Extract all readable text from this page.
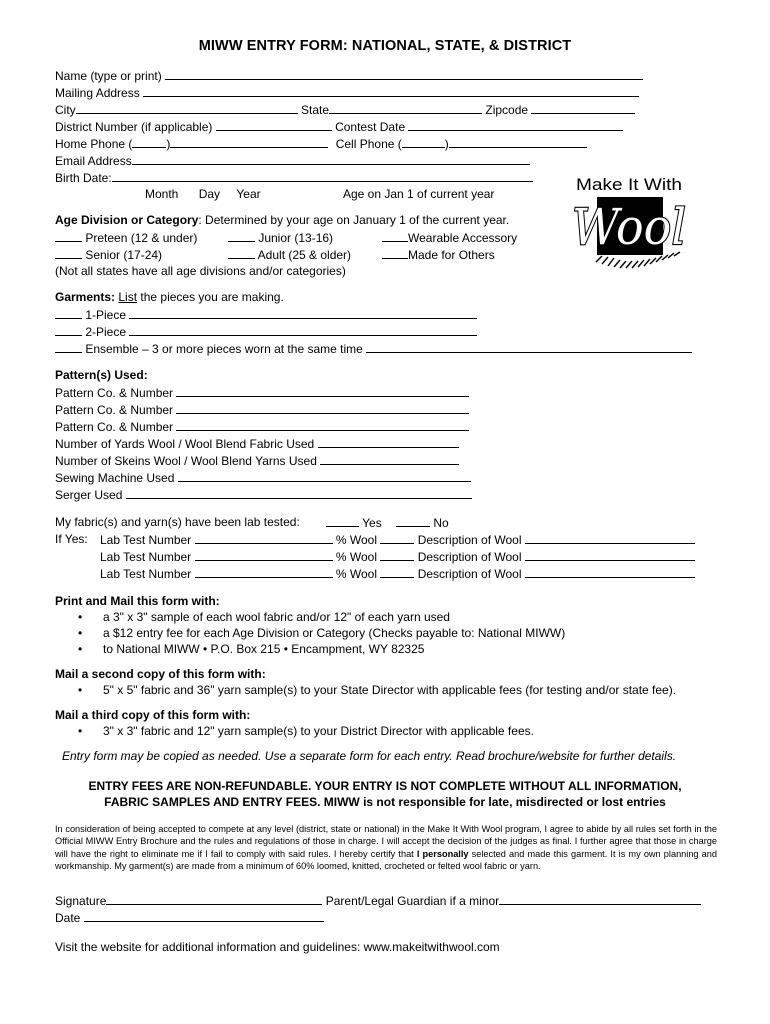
MIWW ENTRY FORM: NATIONAL, STATE, & DISTRICT
Name (type or print)
Mailing Address
City	State	Zipcode
District Number (if applicable)	Contest Date
Home Phone (	)	Cell Phone (	)
Email Address
Birth Date:
Month Day Year	Age on Jan 1 of current year	Make It With
Wool
Age Division or Category: Determined by your age on January 1 of the current year.
Preteen (12 & under)	Junior (13-16)	Wearable Accessory
Senior (17-24)	Adult (25 & older)	Made for Others
(Not all states have all age divisions and/or categories)
Garments: List the pieces you are making.
1-Piece
2-Piece
Ensemble – 3 or more pieces worn at the same time
Pattern(s) Used:
Pattern Co. & Number
Pattern Co. & Number
Pattern Co. & Number
Number of Yards Wool / Wool Blend Fabric Used
Number of Skeins Wool / Wool Blend Yarns Used
Sewing Machine Used
Serger Used
My fabric(s) and yarn(s) have been lab tested:	Yes	No
If Yes: Lab Test Number	% Wool	Description of Wool
Lab Test Number	% Wool	Description of Wool
Lab Test Number	% Wool	Description of Wool
Print and Mail this form with:
• a 3" x 3" sample of each wool fabric and/or 12" of each yarn used
• a $12 entry fee for each Age Division or Category (Checks payable to: National MIWW)
• to National MIWW • P.O. Box 215 • Encampment, WY 82325
Mail a second copy of this form with:
• 5" x 5" fabric and 36" yarn sample(s) to your State Director with applicable fees (for testing and/or state fee).
Mail a third copy of this form with:
• 3" x 3" fabric and 12" yarn sample(s) to your District Director with applicable fees.
Entry form may be copied as needed. Use a separate form for each entry. Read brochure/website for further details.
ENTRY FEES ARE NON-REFUNDABLE. YOUR ENTRY IS NOT COMPLETE WITHOUT ALL INFORMATION,
FABRIC SAMPLES AND ENTRY FEES. MIWW is not responsible for late, misdirected or lost entries
In consideration of being accepted to compete at any level (district, state or national) in the Make It With Wool program, I agree to abide by all rules set forth in the Official MIWW Entry Brochure and the rules and regulations of those in charge. I will accept the decision of the judges as final. I further agree that those in charge will have the right to eliminate me if I fail to comply with said rules. I hereby certify that I personally selected and made this garment. It is my own planning and workmanship. My garment(s) are made from a minimum of 60% loomed, knitted, crocheted or felted wool fabric or yarn.
Signature	Parent/Legal Guardian if a minor
Date
Visit the website for additional information and guidelines: www.makeitwithwool.com
